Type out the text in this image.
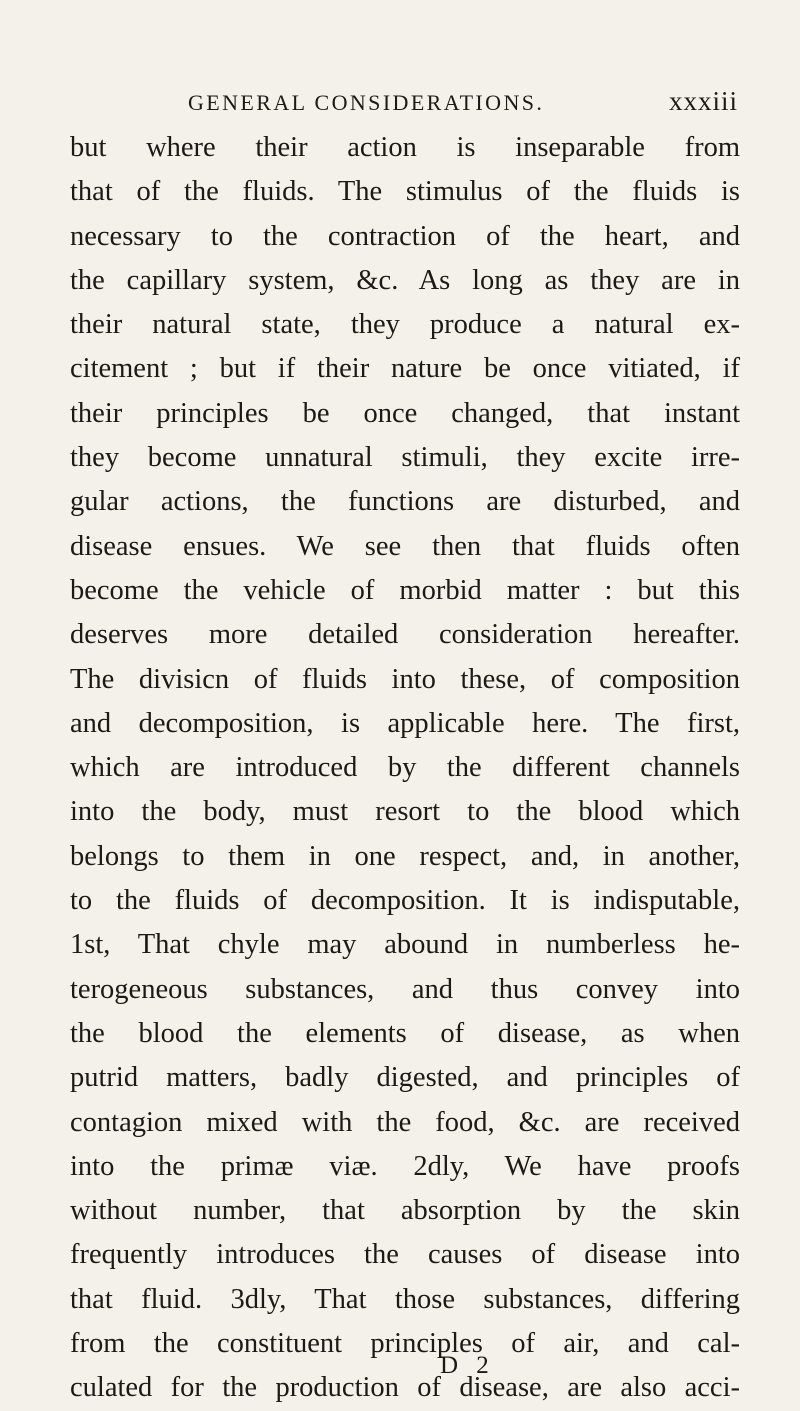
GENERAL CONSIDERATIONS.	xxxiii
but where their action is inseparable from
that of the fluids. The stimulus of the fluids is
necessary to the contraction of the heart, and
the capillary system, &c. As long as they are in
their natural state, they produce a natural ex-
citement ; but if their nature be once vitiated, if
their principles be once changed, that instant
they become unnatural stimuli, they excite irre-
gular actions, the functions are disturbed, and
disease ensues. We see then that fluids often
become the vehicle of morbid matter : but this
deserves more detailed consideration hereafter.
The divisicn of fluids into these, of composition
and decomposition, is applicable here. The first,
which are introduced by the different channels
into the body, must resort to the blood which
belongs to them in one respect, and, in another,
to the fluids of decomposition. It is indisputable,
1st, That chyle may abound in numberless he-
terogeneous substances, and thus convey into
the blood the elements of disease, as when
putrid matters, badly digested, and principles of
contagion mixed with the food, &c. are received
into the primæ viæ. 2dly, We have proofs
without number, that absorption by the skin
frequently introduces the causes of disease into
that fluid. 3dly, That those substances, differing
from the constituent principles of air, and cal-
culated for the production of disease, are also acci-
D 2
